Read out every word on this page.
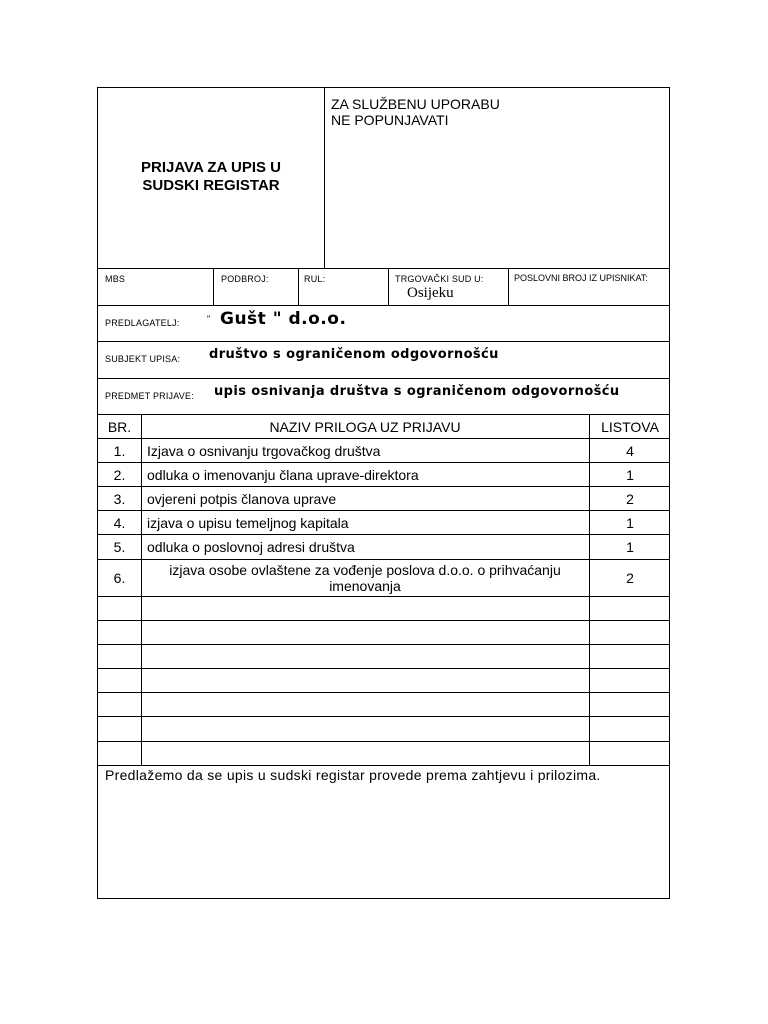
PRIJAVA ZA UPIS U
SUDSKI REGISTAR
ZA SLUŽBENU UPORABU
NE POPUNJAVATI
MBS	PODBROJ:	RUL:	TRGOVAČKI SUD U:
Osijeku
POSLOVNI BROJ IZ UPISNIKAT:
PREDLAGATELJ:	" Gušt " d.o.o.
SUBJEKT UPISA: društvo s ograničenom odgovornošću
PREDMET PRIJAVE: upis osnivanja društva s ograničenom odgovornošću
BR.	NAZIV PRILOGA UZ PRIJAVU	LISTOVA
1.	Izjava o osnivanju trgovačkog društva	4
2.	odluka o imenovanju člana uprave-direktora	1
3.	ovjereni potpis članova uprave	2
4.	izjava o upisu temeljnog kapitala	1
5.	odluka o poslovnoj adresi društva	1
6.	izjava osobe ovlaštene za vođenje poslova d.o.o. o prihvaćanju
imenovanja	2
Predlažemo da se upis u sudski registar provede prema zahtjevu i prilozima.
